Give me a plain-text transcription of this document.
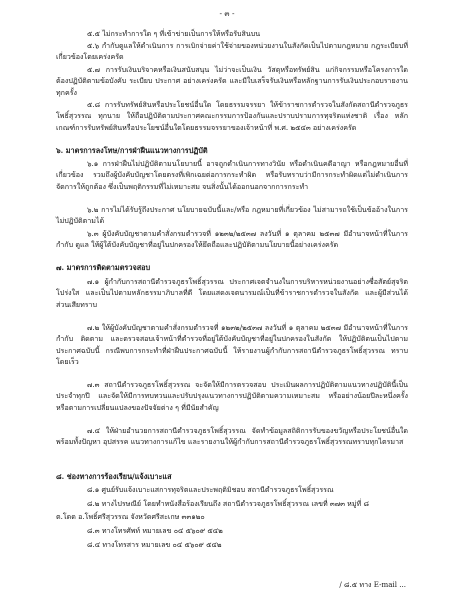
- ๓ -
๕.๕ ไม่กระทำการใด ๆ ที่เข้าข่ายเป็นการให้หรือรับสินบน
๕.๖ กำกับดูแลให้ดำเนินการ การเบิกจ่ายค่าใช้จ่ายของหน่วยงานในสังกัดเป็นไปตามกฎหมาย กฎระเบียบที่เกี่ยวข้องโดยเคร่งครัด
๕.๗ การรับเงินบริจาคหรือเงินสนับสนุน ไม่ว่าจะเป็นเงิน วัสดุหรือทรัพย์สิน แก่กิจกรรมหรือโครงการใด ต้องปฏิบัติตามข้อบังคับ ระเบียบ ประกาศ อย่างเคร่งครัด และมีใบเสร็จรับเงินหรือหลักฐานการรับเงินประกอบรายงานทุกครั้ง
๕.๘ การรับทรัพย์สินหรือประโยชน์อื่นใด โดยธรรมจรรยา ให้ข้าราชการตำรวจในสังกัดสถานีตำรวจภูธรโพธิ์สุวรรณ ทุกนาย ให้ถือปฏิบัติตามประกาศคณะกรรมการป้องกันและปราบปรามการทุจริตแห่งชาติ เรื่อง หลักเกณฑ์การรับทรัพย์สินหรือประโยชน์อื่นใดโดยธรรมจรรยาของเจ้าหน้าที่ พ.ศ. ๒๕๔๓ อย่างเคร่งครัด
๖. มาตรการลงโทษ/การฝ่าฝืนแนวทางการปฏิบัติ
๖.๑ การฝ่าฝืนไม่ปฏิบัติตามนโยบายนี้ อาจถูกดำเนินการทางวินัย หรือดำเนินคดีอาญา หรือกฎหมายอื่นที่เกี่ยวข้อง รวมถึงผู้บังคับบัญชาโดยตรงที่เพิกเฉยต่อการกระทำผิด หรือรับทราบว่ามีการกระทำผิดแต่ไม่ดำเนินการจัดการให้ถูกต้อง ซึ่งเป็นพฤติกรรมที่ไม่เหมาะสม จนสิ่งนั้นได้ออกนอกจากการกระทำ
๖.๒ การไม่ได้รับรู้ถึงประกาศ นโยบายฉบับนี้และ/หรือ กฎหมายที่เกี่ยวข้อง ไม่สามารถใช้เป็นข้ออ้างในการไม่ปฏิบัติตามได้
๖.๓ ผู้บังคับบัญชาตามคำสั่งกรมตำรวจที่ ๑๒๓๒/๒๕๓๗ ลงวันที่ ๑ ตุลาคม ๒๕๓๗ มีอำนาจหน้าที่ในการกำกับ ดูแล ให้ผู้ใต้บังคับบัญชาที่อยู่ในปกครองให้ยึดถือและปฏิบัติตามนโยบายนี้อย่างเคร่งครัด
๗. มาตรการติดตามตรวจสอบ
๗.๑ ผู้กำกับการสถานีตำรวจภูธรโพธิ์สุวรรณ ประกาศเจตจำนงในการบริหารหน่วยงานอย่างซื่อสัตย์สุจริต โปร่งใส และเป็นไปตามหลักธรรมาภิบาลที่ดี โดยแสดงเจตนารมณ์เป็นที่ข้าราชการตำรวจในสังกัด และผู้มีส่วนได้ส่วนเสียทราบ
๗.๒ ให้ผู้บังคับบัญชาตามคำสั่งกรมตำรวจที่ ๑๒๓๒/๒๕๓๗ ลงวันที่ ๑ ตุลาคม ๒๕๓๗ มีอำนาจหน้าที่ในการกำกับ ติดตาม และตรวจสอบเจ้าหน้าที่ตำรวจที่อยู่ใต้บังคับบัญชาที่อยู่ในปกครองในสังกัด ให้ปฏิบัติตนเป็นไปตามประกาศฉบับนี้ กรณีพบการกระทำที่ฝ่าฝืนประกาศฉบับนี้ ให้รายงานผู้กำกับการสถานีตำรวจภูธรโพธิ์สุวรรณ ทราบโดยเร็ว
๗.๓ สถานีตำรวจภูธรโพธิ์สุวรรณ จะจัดให้มีการตรวจสอบ ประเมินผลการปฏิบัติตามแนวทางปฏิบัตินี้เป็นประจำทุกปี และจัดให้มีการทบทวนและปรับปรุงแนวทางการปฏิบัติตามความเหมาะสม หรืออย่างน้อยปีละหนึ่งครั้งหรือตามการเปลี่ยนแปลงของปัจจัยต่าง ๆ ที่มีนัยสำคัญ
๗.๔ ให้ฝ่ายอำนวยการสถานีตำรวจภูธรโพธิ์สุวรรณ จัดทำข้อมูลสถิติการรับของขวัญหรือประโยชน์อื่นใด พร้อมทั้งปัญหา อุปสรรค แนวทางการแก้ไข และรายงานให้ผู้กำกับการสถานีตำรวจภูธรโพธิ์สุวรรณทราบทุกไตรมาส
๘. ช่องทางการร้องเรียน/แจ้งเบาะแส
๘.๑ ศูนย์รับแจ้งเบาะแสการทุจริตและประพฤติมิชอบ สถานีตำรวจภูธรโพธิ์สุวรรณ
๘.๒ ทางไปรษณีย์ โดยทำหนังสือร้องเรียนถึง สถานีตำรวจภูธรโพธิ์สุวรรณ เลขที่ ๓๗๓ หมู่ที่ ๘
ต.โดด อ.โพธิ์ศรีสุวรรณ จังหวัดศรีสะเกษ ๓๓๑๒๐
๘.๓ ทางโทรศัพท์ หมายเลข ๐๔ ๕๖๐๙ ๕๔๒
๘.๔ ทางโทรสาร หมายเลข ๐๔ ๕๖๐๙ ๕๔๒
/ ๘.๕ ทาง E-mail ...
